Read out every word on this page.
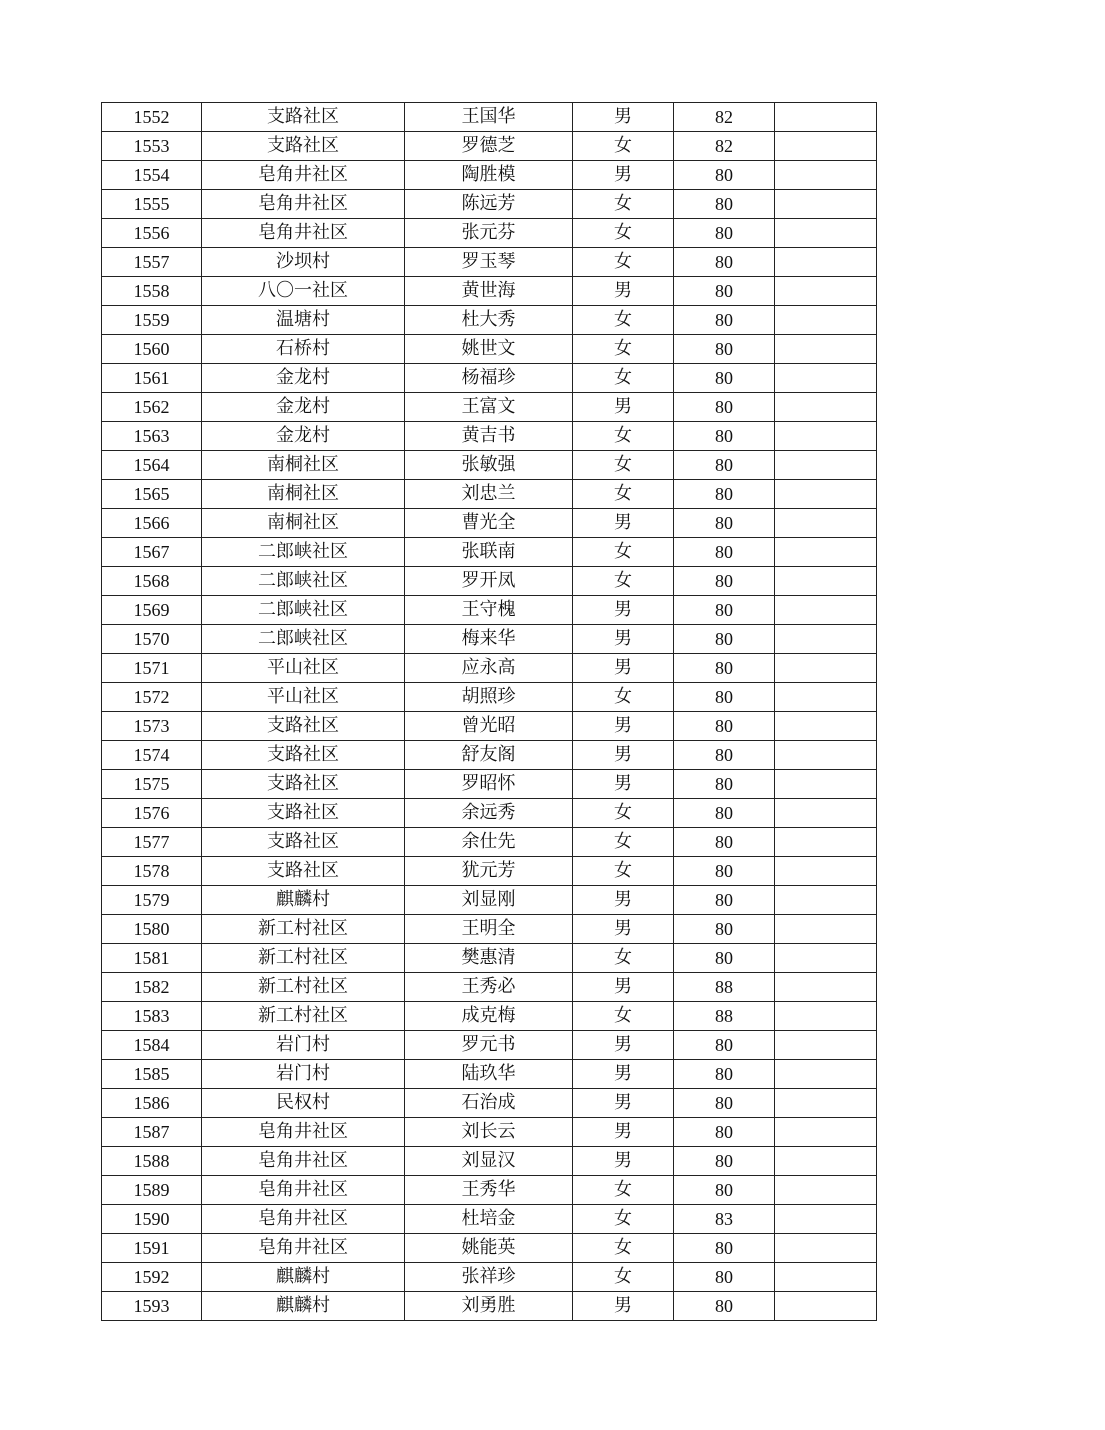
1552	支路社区	王国华	男	82	
1553	支路社区	罗德芝	女	82	
1554	皂角井社区	陶胜模	男	80	
1555	皂角井社区	陈远芳	女	80	
1556	皂角井社区	张元芬	女	80	
1557	沙坝村	罗玉琴	女	80	
1558	八〇一社区	黄世海	男	80	
1559	温塘村	杜大秀	女	80	
1560	石桥村	姚世文	女	80	
1561	金龙村	杨福珍	女	80	
1562	金龙村	王富文	男	80	
1563	金龙村	黄吉书	女	80	
1564	南桐社区	张敏强	女	80	
1565	南桐社区	刘忠兰	女	80	
1566	南桐社区	曹光全	男	80	
1567	二郎峡社区	张联南	女	80	
1568	二郎峡社区	罗开凤	女	80	
1569	二郎峡社区	王守槐	男	80	
1570	二郎峡社区	梅来华	男	80	
1571	平山社区	应永高	男	80	
1572	平山社区	胡照珍	女	80	
1573	支路社区	曾光昭	男	80	
1574	支路社区	舒友阁	男	80	
1575	支路社区	罗昭怀	男	80	
1576	支路社区	余远秀	女	80	
1577	支路社区	余仕先	女	80	
1578	支路社区	犹元芳	女	80	
1579	麒麟村	刘显刚	男	80	
1580	新工村社区	王明全	男	80	
1581	新工村社区	樊惠清	女	80	
1582	新工村社区	王秀必	男	88	
1583	新工村社区	成克梅	女	88	
1584	岩门村	罗元书	男	80	
1585	岩门村	陆玖华	男	80	
1586	民权村	石治成	男	80	
1587	皂角井社区	刘长云	男	80	
1588	皂角井社区	刘显汉	男	80	
1589	皂角井社区	王秀华	女	80	
1590	皂角井社区	杜培金	女	83	
1591	皂角井社区	姚能英	女	80	
1592	麒麟村	张祥珍	女	80	
1593	麒麟村	刘勇胜	男	80	
